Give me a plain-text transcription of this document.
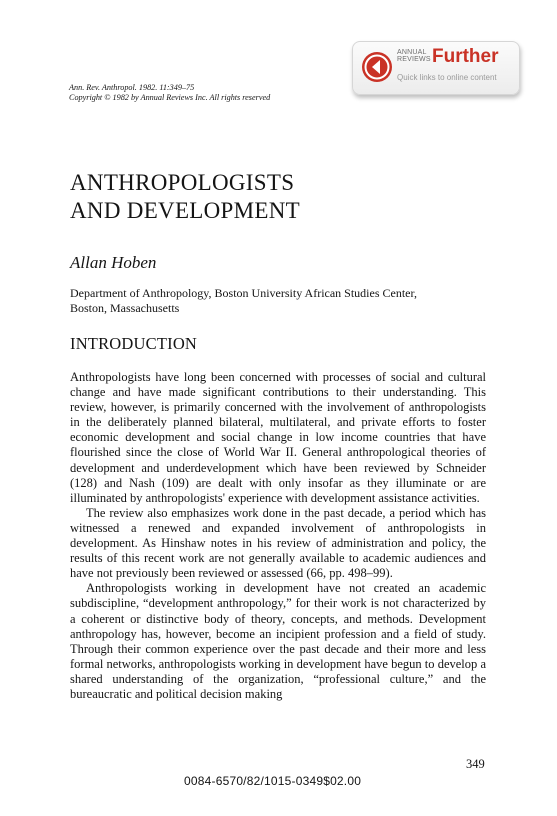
ANNUAL
REVIEWS Further
Quick links to online content
Ann. Rev. Anthropol. 1982. 11:349–75
Copyright © 1982 by Annual Reviews Inc. All rights reserved
ANTHROPOLOGISTS
AND DEVELOPMENT
Allan Hoben
Department of Anthropology, Boston University African Studies Center,
Boston, Massachusetts
INTRODUCTION

Anthropologists have long been concerned with processes of social and cultural change and have made significant contributions to their understanding. This review, however, is primarily concerned with the involvement of anthropologists in the deliberately planned bilateral, multilateral, and private efforts to foster economic development and social change in low income countries that have flourished since the close of World War II. General anthropological theories of development and underdevelopment which have been reviewed by Schneider (128) and Nash (109) are dealt with only insofar as they illuminate or are illuminated by anthropologists' experience with development assistance activities.

The review also emphasizes work done in the past decade, a period which has witnessed a renewed and expanded involvement of anthropologists in development. As Hinshaw notes in his review of administration and policy, the results of this recent work are not generally available to academic audiences and have not previously been reviewed or assessed (66, pp. 498–99).

Anthropologists working in development have not created an academic subdiscipline, “development anthropology,” for their work is not characterized by a coherent or distinctive body of theory, concepts, and methods. Development anthropology has, however, become an incipient profession and a field of study. Through their common experience over the past decade and their more and less formal networks, anthropologists working in development have begun to develop a shared understanding of the organization, “professional culture,” and the bureaucratic and political decision making

349
0084-6570/82/1015-0349$02.00
